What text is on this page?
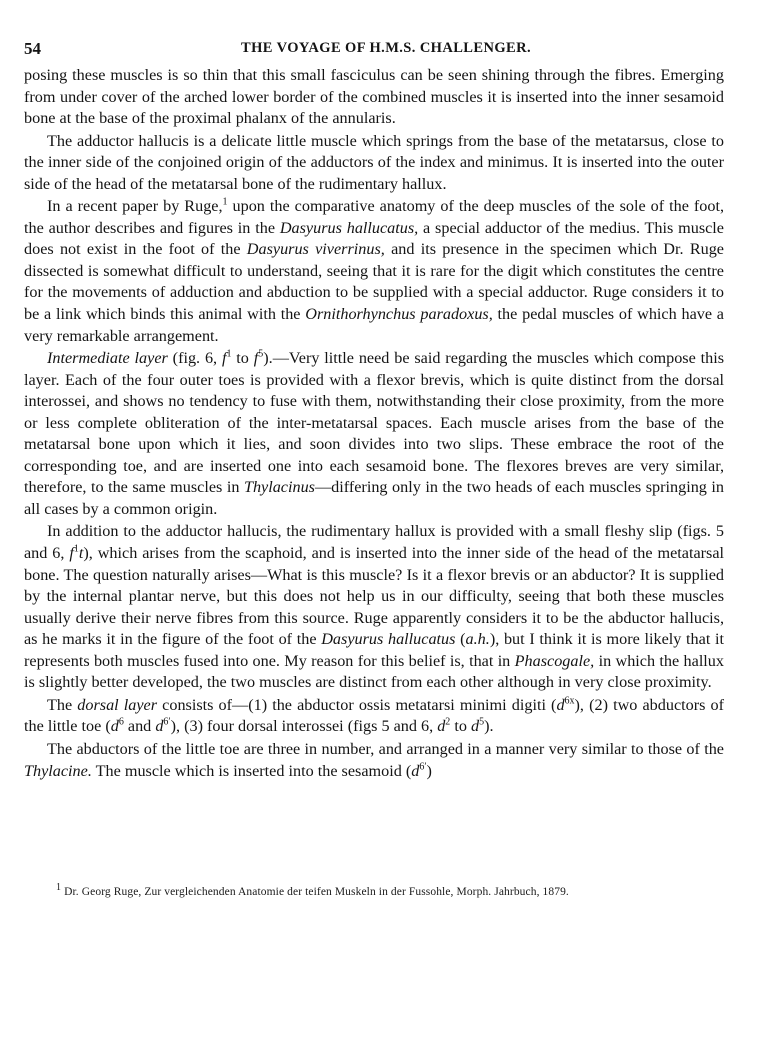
54	THE VOYAGE OF H.M.S. CHALLENGER.

posing these muscles is so thin that this small fasciculus can be seen shining through the fibres. Emerging from under cover of the arched lower border of the combined muscles it is inserted into the inner sesamoid bone at the base of the proximal phalanx of the annularis.

The adductor hallucis is a delicate little muscle which springs from the base of the metatarsus, close to the inner side of the conjoined origin of the adductors of the index and minimus. It is inserted into the outer side of the head of the metatarsal bone of the rudimentary hallux.

In a recent paper by Ruge,$^1$ upon the comparative anatomy of the deep muscles of the sole of the foot, the author describes and figures in the Dasyurus hallucatus, a special adductor of the medius. This muscle does not exist in the foot of the Dasyurus viverrinus, and its presence in the specimen which Dr. Ruge dissected is somewhat difficult to understand, seeing that it is rare for the digit which constitutes the centre for the movements of adduction and abduction to be supplied with a special adductor. Ruge considers it to be a link which binds this animal with the Ornithorhynchus paradoxus, the pedal muscles of which have a very remarkable arrangement.

Intermediate layer (fig. 6, $f^1$ to $f^5).—Very$ little need be said regarding the muscles which compose this layer. Each of the four outer toes is provided with a flexor brevis, which is quite distinct from the dorsal interossei, and shows no tendency to fuse with them, notwithstanding their close proximity, from the more or less complete obliteration of the inter-metatarsal spaces. Each muscle arises from the base of the metatarsal bone upon which it lies, and soon divides into two slips. These embrace the root of the corresponding toe, and are inserted one into each sesamoid bone. The flexores breves are very similar, therefore, to the same muscles in Thylacinus—differing only in the two heads of each muscles springing in all cases by a common origin.

In addition to the adductor hallucis, the rudimentary hallux is provided with a small fleshy slip (figs. 5 and 6, $f^1t$), which arises from the scaphoid, and is inserted into the inner side of the head of the metatarsal bone. The question naturally arises—What is this muscle? Is it a flexor brevis or an abductor? It is supplied by the internal plantar nerve, but this does not help us in our difficulty, seeing that both these muscles usually derive their nerve fibres from this source. Ruge apparently considers it to be the abductor hallucis, as he marks it in the figure of the foot of the Dasyurus hallucatus (a.h.), but I think it is more likely that it represents both muscles fused into one. My reason for this belief is, that in Phascogale, in which the hallux is slightly better developed, the two muscles are distinct from each other although in very close proximity.

The dorsal layer consists of—(1) the abductor ossis metatarsi minimi digiti $(d^{6x})$, (2) two abductors of the little toe ($d^6$ and $d^{6'}$), (3) four dorsal interossei (figs 5 and 6, $d^2$ to $d^5$).

The abductors of the little toe are three in number, and arranged in a manner very similar to those of the Thylacine. The muscle which is inserted into the sesamoid $(d^{6'})$

$^1$ Dr. Georg Ruge, Zur vergleichenden Anatomie der teifen Muskeln in der Fussohle, Morph. Jahrbuch, 1879.
